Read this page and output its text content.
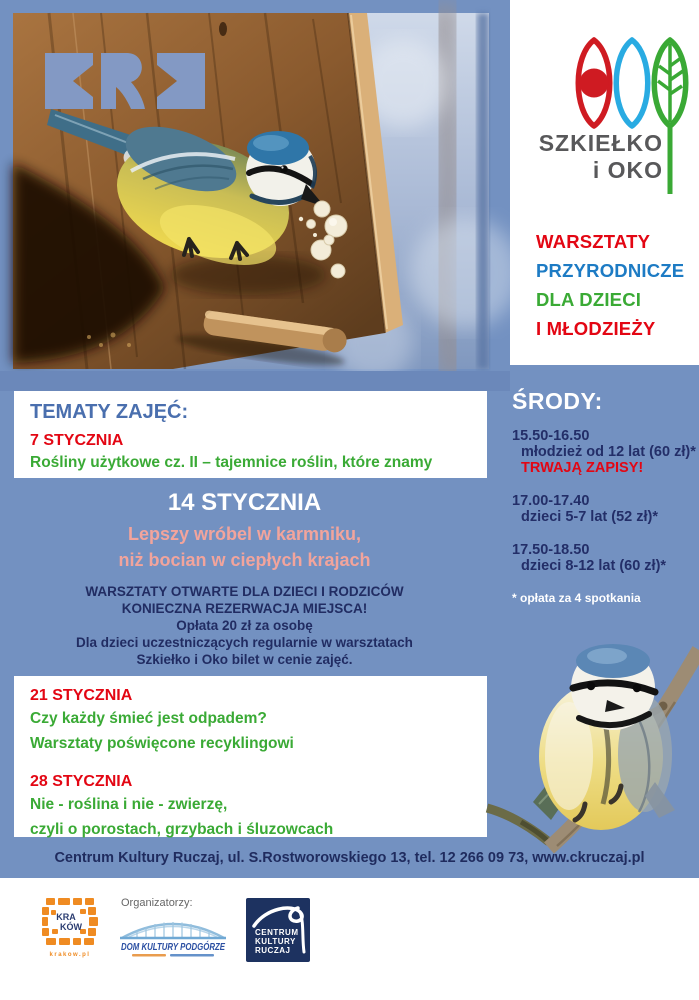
SZKIEŁKO
i OKO
WARSZTATY
PRZYRODNICZE
DLA DZIECI
I MŁODZIEŻY
TEMATY ZAJĘĆ:
7 STYCZNIA
Rośliny użytkowe cz. II – tajemnice roślin, które znamy
14 STYCZNIA
Lepszy wróbel w karmniku,
niż bocian w ciepłych krajach
WARSZTATY OTWARTE DLA DZIECI I RODZICÓW
KONIECZNA REZERWACJA MIEJSCA!
Opłata 20 zł za osobę
Dla dzieci uczestniczących regularnie w warsztatach
Szkiełko i Oko bilet w cenie zajęć.
21 STYCZNIA
Czy każdy śmieć jest odpadem?
Warsztaty poświęcone recyklingowi
28 STYCZNIA
Nie - roślina i nie - zwierzę,
czyli o porostach, grzybach i śluzowcach
ŚRODY:
15.50-16.50
młodzież od 12 lat (60 zł)*
TRWAJĄ ZAPISY!
17.00-17.40
dzieci 5-7 lat (52 zł)*
17.50-18.50
dzieci 8-12 lat (60 zł)*
* opłata za 4 spotkania
Centrum Kultury Ruczaj, ul. S.Rostworowskiego 13, tel. 12 266 09 73, www.ckruczaj.pl
KRA
KÓW
krakow.pl
Organizatorzy:
DOM KULTURY PODGÓRZE
CENTRUM
KULTURY
RUCZAJ
